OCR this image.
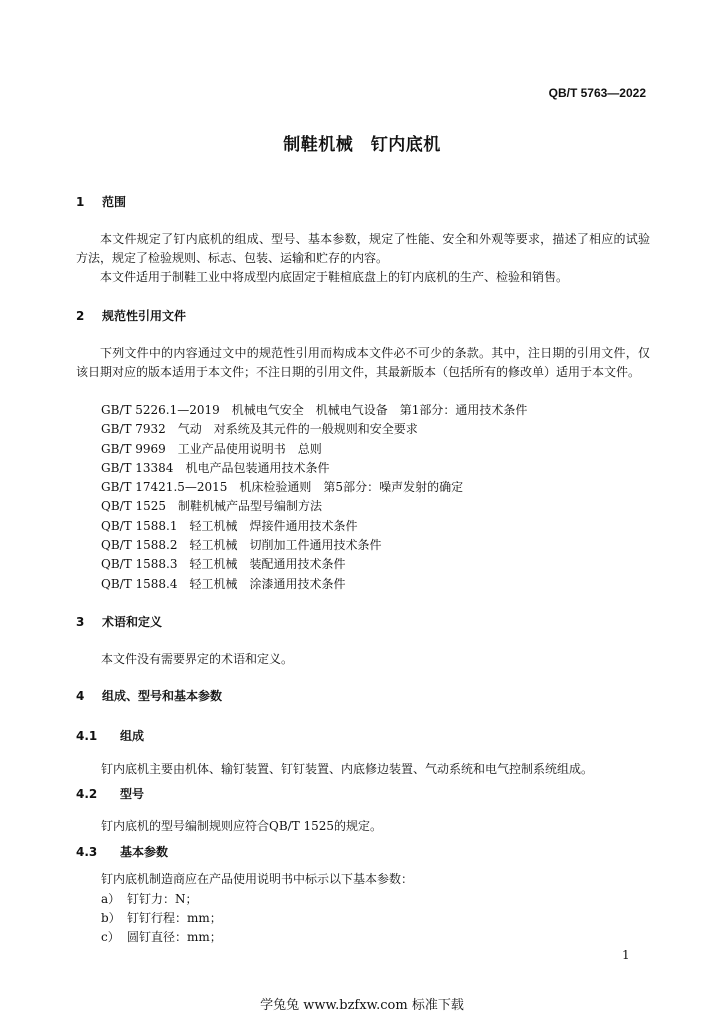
QB/T 5763—2022
制鞋机械　钉内底机
1 范围

本文件规定了钉内底机的组成、型号、基本参数，规定了性能、安全和外观等要求，描述了相应的试验方法，规定了检验规则、标志、包装、运输和贮存的内容。

本文件适用于制鞋工业中将成型内底固定于鞋楦底盘上的钉内底机的生产、检验和销售。

2 规范性引用文件

下列文件中的内容通过文中的规范性引用而构成本文件必不可少的条款。其中，注日期的引用文件，仅该日期对应的版本适用于本文件；不注日期的引用文件，其最新版本（包括所有的修改单）适用于本文件。

GB/T 5226.1—2019　机械电气安全　机械电气设备　第1部分：通用技术条件
GB/T 7932　气动　对系统及其元件的一般规则和安全要求
GB/T 9969　工业产品使用说明书　总则
GB/T 13384　机电产品包装通用技术条件
GB/T 17421.5—2015　机床检验通则　第5部分：噪声发射的确定
QB/T 1525　制鞋机械产品型号编制方法
QB/T 1588.1　轻工机械　焊接件通用技术条件
QB/T 1588.2　轻工机械　切削加工件通用技术条件
QB/T 1588.3　轻工机械　装配通用技术条件
QB/T 1588.4　轻工机械　涂漆通用技术条件
3 术语和定义
本文件没有需要界定的术语和定义。
4 组成、型号和基本参数
4.1 组成
钉内底机主要由机体、输钉装置、钉钉装置、内底修边装置、气动系统和电气控制系统组成。
4.2 型号
钉内底机的型号编制规则应符合QB/T 1525的规定。
4.3 基本参数
钉内底机制造商应在产品使用说明书中标示以下基本参数：
a） 钉钉力：N；
b） 钉钉行程：mm；
c） 圆钉直径：mm；
1
学兔兔 www.bzfxw.com 标准下载
